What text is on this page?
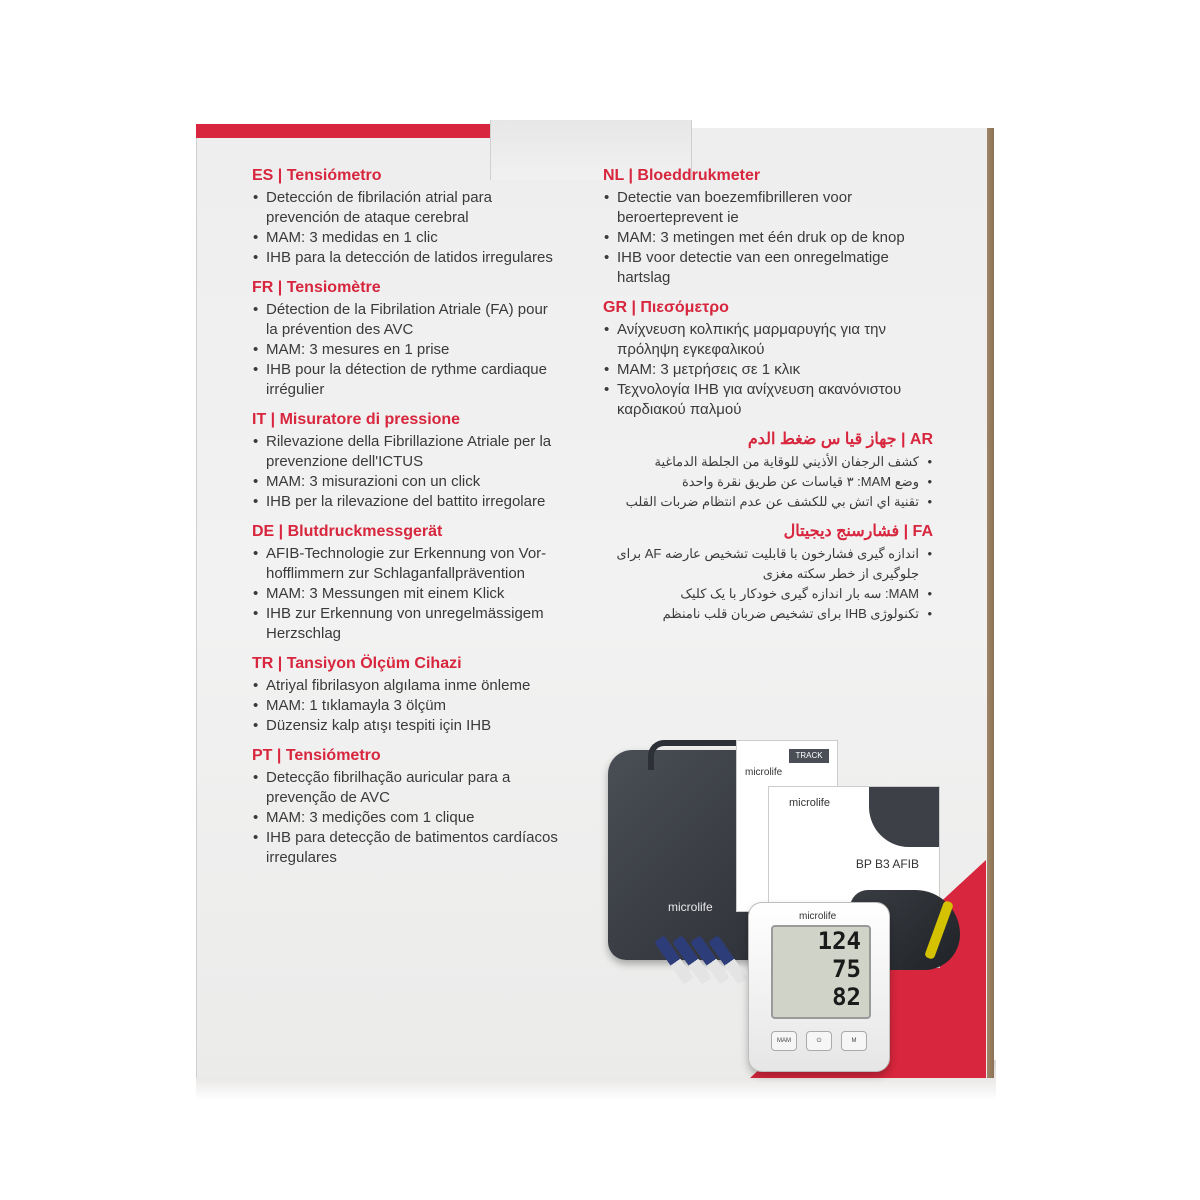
ES | Tensiómetro
• Detección de fibrilación atrial para prevención de ataque cerebral
• MAM: 3 medidas en 1 clic
• IHB para la detección de latidos irregulares
FR | Tensiomètre
• Détection de la Fibrilation Atriale (FA) pour la prévention des AVC
• MAM: 3 mesures en 1 prise
• IHB pour la détection de rythme cardiaque irrégulier
IT | Misuratore di pressione
• Rilevazione della Fibrillazione Atriale per la prevenzione dell'ICTUS
• MAM: 3 misurazioni con un click
• IHB per la rilevazione del battito irregolare
DE | Blutdruckmessgerät
• AFIB-Technologie zur Erkennung von Vor-hofflimmern zur Schlaganfallprävention
• MAM: 3 Messungen mit einem Klick
• IHB zur Erkennung von unregelmässigem Herzschlag
TR | Tansiyon Ölçüm Cihazi
• Atriyal fibrilasyon algılama inme önleme
• MAM: 1 tıklamayla 3 ölçüm
• Düzensiz kalp atışı tespiti için IHB
PT | Tensiómetro
• Detecção fibrilhação auricular para a prevenção de AVC
• MAM: 3 medições com 1 clique
• IHB para detecção de batimentos cardíacos irregulares
NL | Bloeddrukmeter
• Detectie van boezemfibrilleren voor beroerteprevent ie
• MAM: 3 metingen met één druk op de knop
• IHB voor detectie van een onregelmatige hartslag
GR | Πιεσόμετρο
• Ανίχνευση κολπικής μαρμαρυγής για την πρόληψη εγκεφαλικού
• MAM: 3 μετρήσεις σε 1 κλικ
• Τεχνολογία IHB για ανίχνευση ακανόνιστου καρδιακού παλμού
AR | جهاز قيا س ضغط الدم
• كشف الرجفان الأذيني للوقاية من الجلطة الدماغية
• وضع MAM: ٣ قياسات عن طريق نقرة واحدة
• تقنية اي اتش بي للكشف عن عدم انتظام ضربات القلب
FA | فشارسنج ديجيتال
• اندازه گیری فشارخون با قابلیت تشخیص عارضه AF برای جلوگیری از خطر سکته مغزی
• MAM: سه بار اندازه گیری خودکار با یک کلیک
• تکنولوژی IHB برای تشخیص ضربان قلب نامنظم
microlife
TRACK
microlife
microlife
BP B3 AFIB
microlife
124
75
82
MAM	⏻	M
